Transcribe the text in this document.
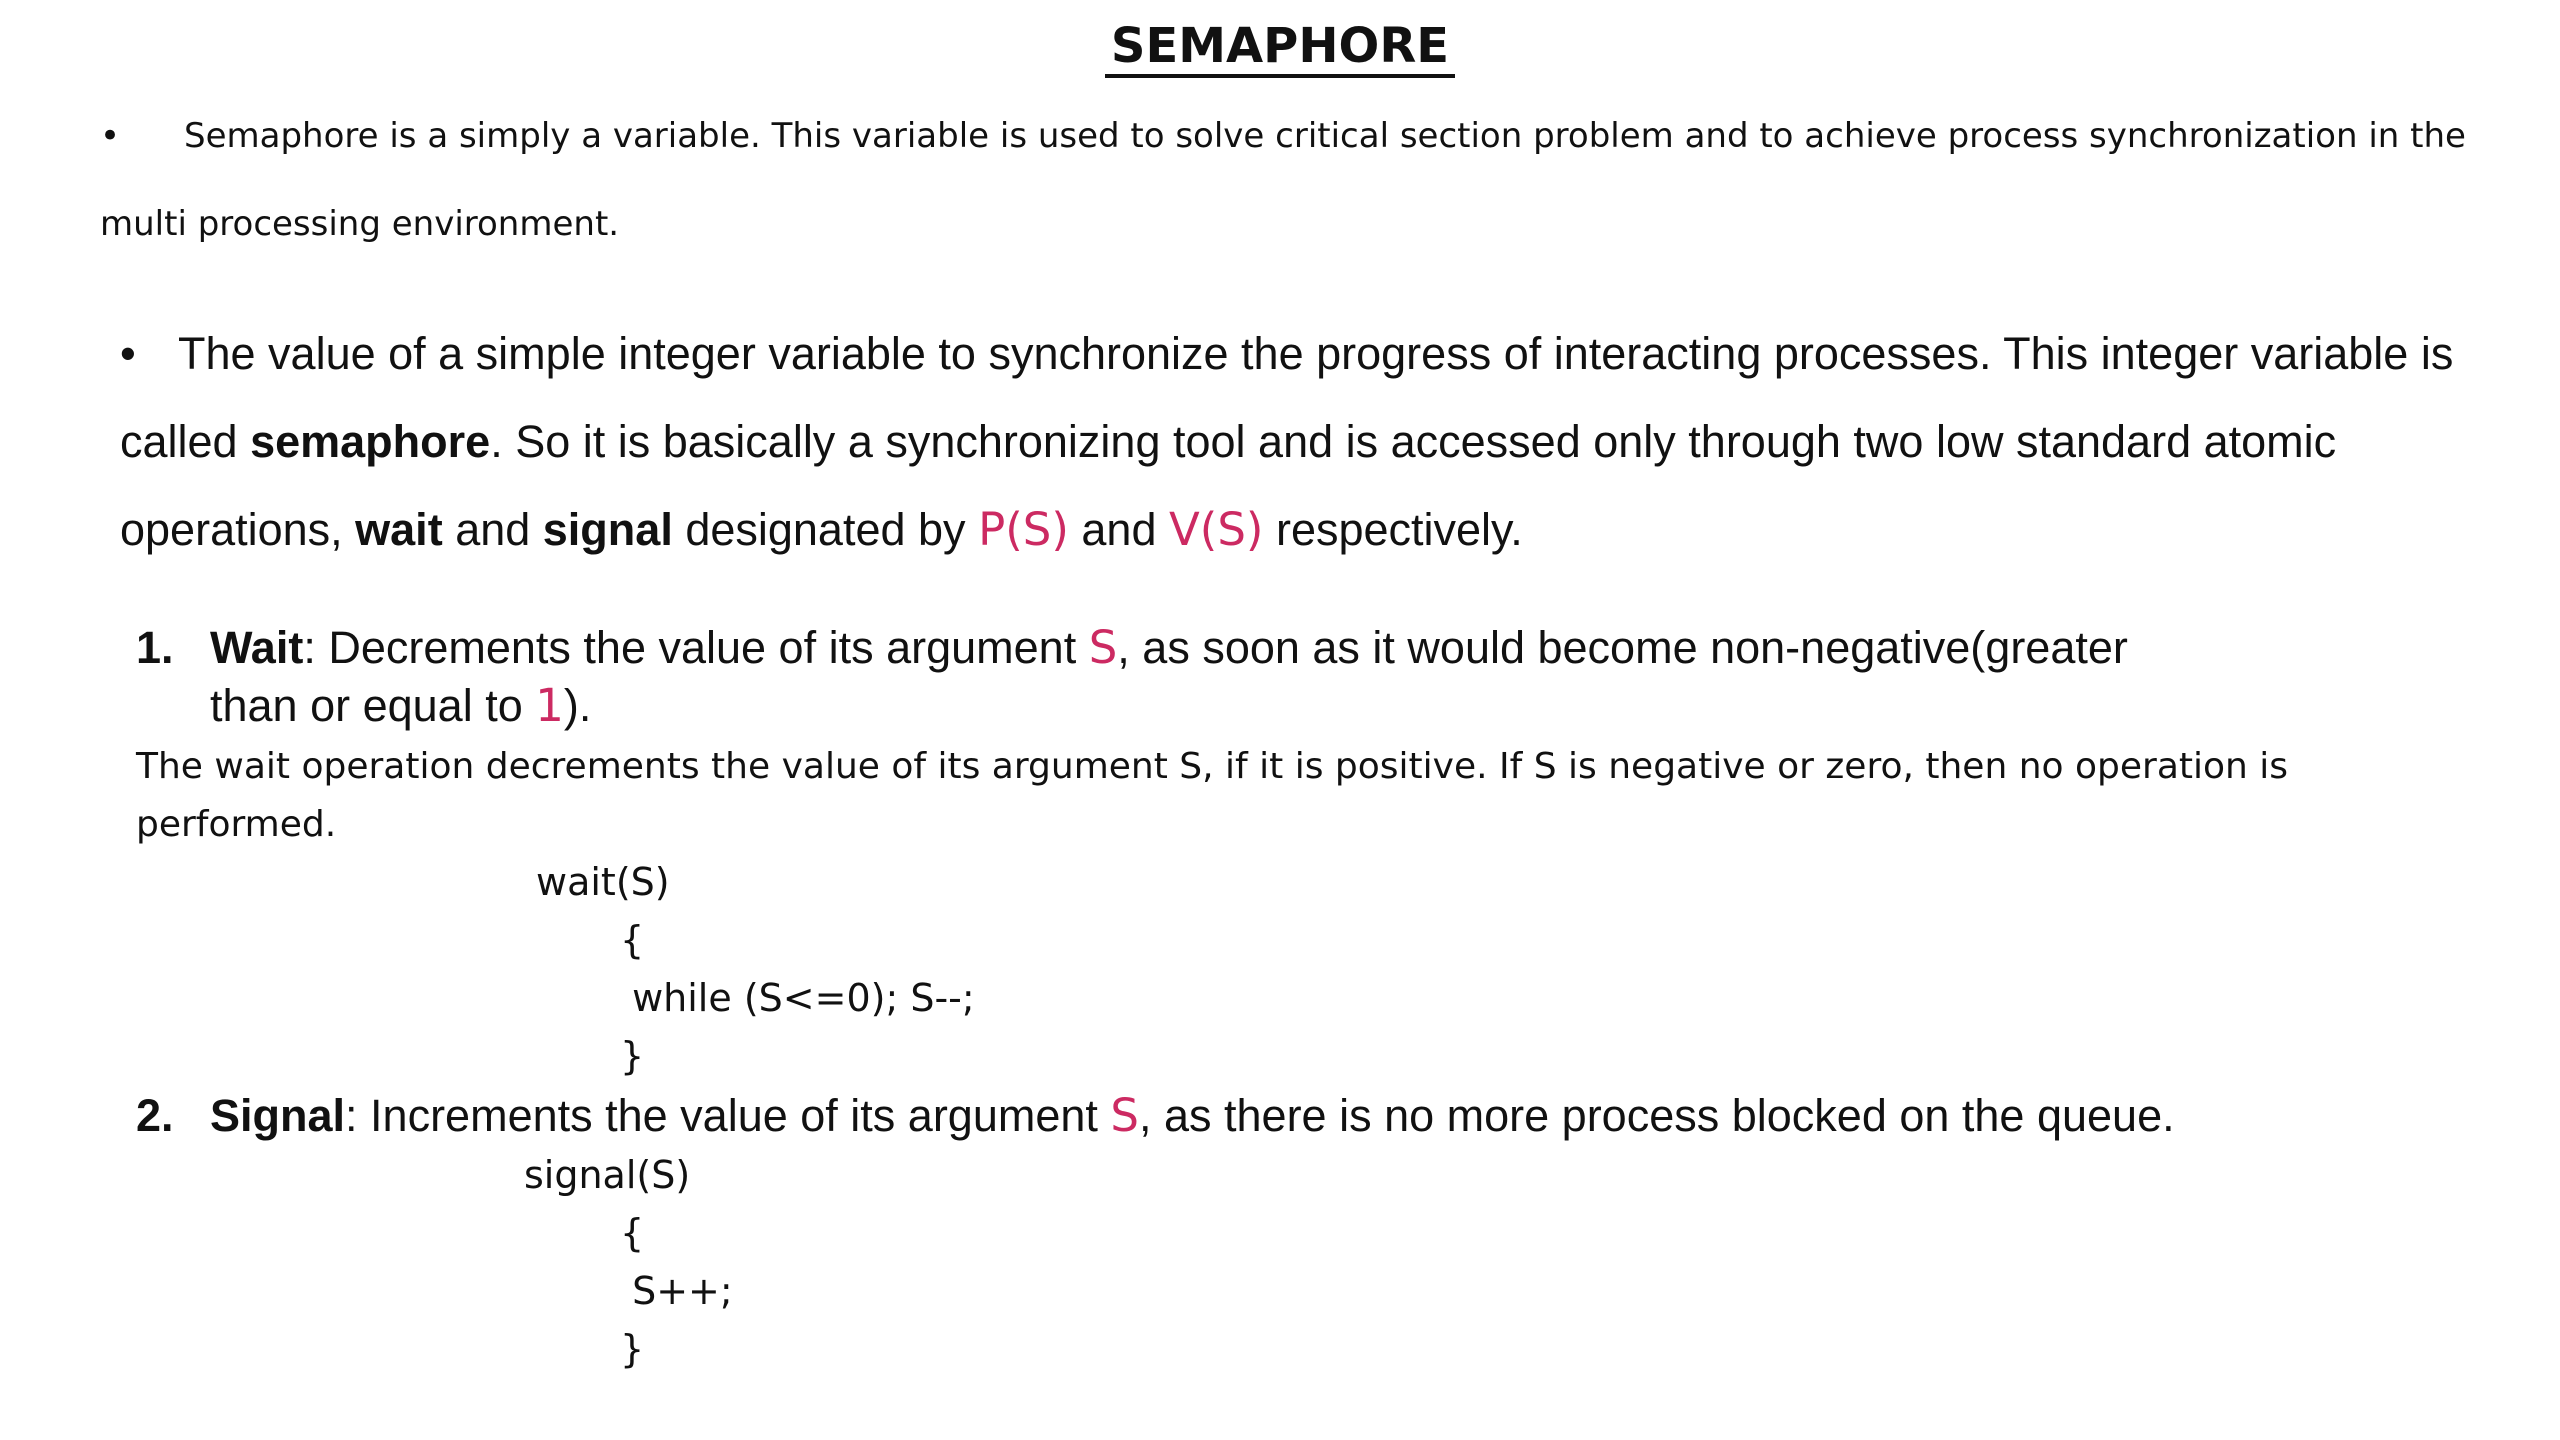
SEMAPHORE
• Semaphore is a simply a variable. This variable is used to solve critical section problem and to achieve process synchronization in the multi processing environment.
• The value of a simple integer variable to synchronize the progress of interacting processes. This integer variable is called semaphore. So it is basically a synchronizing tool and is accessed only through two low standard atomic operations, wait and signal designated by P(S) and V(S) respectively.
1. Wait: Decrements the value of its argument S, as soon as it would become non-negative(greater
than or equal to 1).
The wait operation decrements the value of its argument S, if it is positive. If S is negative or zero, then no operation is performed.
wait(S)
{
while (S<=0); S--;
}
2. Signal: Increments the value of its argument S, as there is no more process blocked on the queue.
signal(S)
{
S++;
}
